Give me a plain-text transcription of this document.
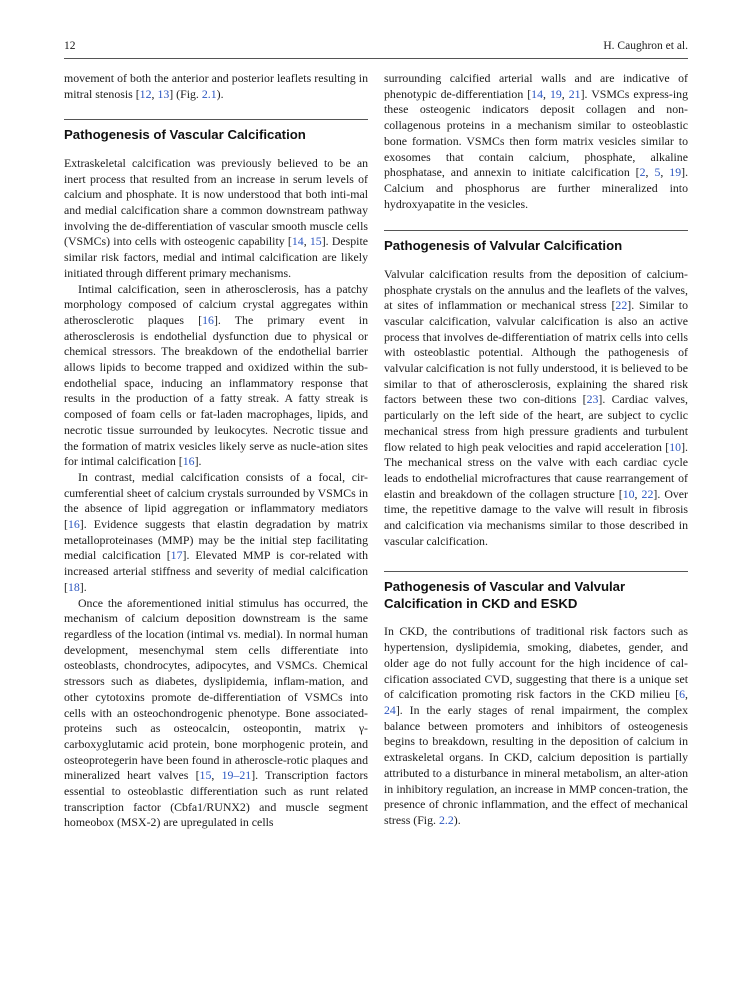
12	H. Caughron et al.

movement of both the anterior and posterior leaflets resulting in mitral stenosis [12, 13] (Fig. 2.1).

Pathogenesis of Vascular Calcification

Extraskeletal calcification was previously believed to be an inert process that resulted from an increase in serum levels of calcium and phosphate. It is now understood that both inti-mal and medial calcification share a common downstream pathway involving the de-differentiation of vascular smooth muscle cells (VSMCs) into cells with osteogenic capability [14, 15]. Despite similar risk factors, medial and intimal calcification are likely initiated through different primary mechanisms.

Intimal calcification, seen in atherosclerosis, has a patchy morphology composed of calcium crystal aggregates within atherosclerotic plaques [16]. The primary event in atherosclerosis is endothelial dysfunction due to physical or chemical stressors. The breakdown of the endothelial barrier allows lipids to become trapped and oxidized within the sub-endothelial space, inducing an inflammatory response that results in the production of a fatty streak. A fatty streak is composed of foam cells or fat-laden macrophages, lipids, and necrotic tissue surrounded by leukocytes. Necrotic tissue and the formation of matrix vesicles likely serve as nucle-ation sites for intimal calcification [16].

In contrast, medial calcification consists of a focal, cir-cumferential sheet of calcium crystals surrounded by VSMCs in the absence of lipid aggregation or inflammatory mediators [16]. Evidence suggests that elastin degradation by matrix metalloproteinases (MMP) may be the initial step facilitating medial calcification [17]. Elevated MMP is cor-related with increased arterial stiffness and severity of medial calcification [18].

Once the aforementioned initial stimulus has occurred, the mechanism of calcium deposition downstream is the same regardless of the location (intimal vs. medial). In normal human development, mesenchymal stem cells differentiate into osteoblasts, chondrocytes, adipocytes, and VSMCs. Chemical stressors such as diabetes, dyslipidemia, inflam-mation, and other cytotoxins promote de-differentiation of VSMCs into cells with an osteochondrogenic phenotype. Bone associated-proteins such as osteocalcin, osteopontin, matrix γ-carboxyglutamic acid protein, bone morphogenic protein, and osteoprotegerin have been found in atheroscle-rotic plaques and mineralized heart valves [15, 19–21]. Transcription factors essential to osteoblastic differentiation such as runt related transcription factor (Cbfa1/RUNX2) and muscle segment homeobox (MSX-2) are upregulated in cells

surrounding calcified arterial walls and are indicative of phenotypic de-differentiation [14, 19, 21]. VSMCs express-ing these osteogenic indicators deposit collagen and non-collagenous proteins in a mechanism similar to osteoblastic bone formation. VSMCs then form matrix vesicles similar to exosomes that contain calcium, phosphate, alkaline phosphatase, and annexin to initiate calcification [2, 5, 19]. Calcium and phosphorus are further mineralized into hydroxyapatite in the vesicles.

Pathogenesis of Valvular Calcification

Valvular calcification results from the deposition of calcium-phosphate crystals on the annulus and the leaflets of the valves, at sites of inflammation or mechanical stress [22]. Similar to vascular calcification, valvular calcification is also an active process that involves de-differentiation of matrix cells into cells with osteoblastic potential. Although the pathogenesis of valvular calcification is not fully understood, it is believed to be similar to that of atherosclerosis, explaining the shared risk factors between these two con-ditions [23]. Cardiac valves, particularly on the left side of the heart, are subject to cyclic mechanical stress from high pressure gradients and turbulent flow related to high peak velocities and rapid acceleration [10]. The mechanical stress on the valve with each cardiac cycle leads to endothelial microfractures that cause rearrangement of elastin and breakdown of the collagen structure [10, 22]. Over time, the repetitive damage to the valve will result in fibrosis and calcification via mechanisms similar to those described in vascular calcification.

Pathogenesis of Vascular and Valvular
Calcification in CKD and ESKD

In CKD, the contributions of traditional risk factors such as hypertension, dyslipidemia, smoking, diabetes, gender, and older age do not fully account for the high incidence of cal-cification associated CVD, suggesting that there is a unique set of calcification promoting risk factors in the CKD milieu [6, 24]. In the early stages of renal impairment, the complex balance between promoters and inhibitors of osteogenesis begins to breakdown, resulting in the deposition of calcium in extraskeletal organs. In CKD, calcium deposition is partially attributed to a disturbance in mineral metabolism, an alter-ation in inhibitory regulation, an increase in MMP concen-tration, the presence of chronic inflammation, and the effect of mechanical stress (Fig. 2.2).
